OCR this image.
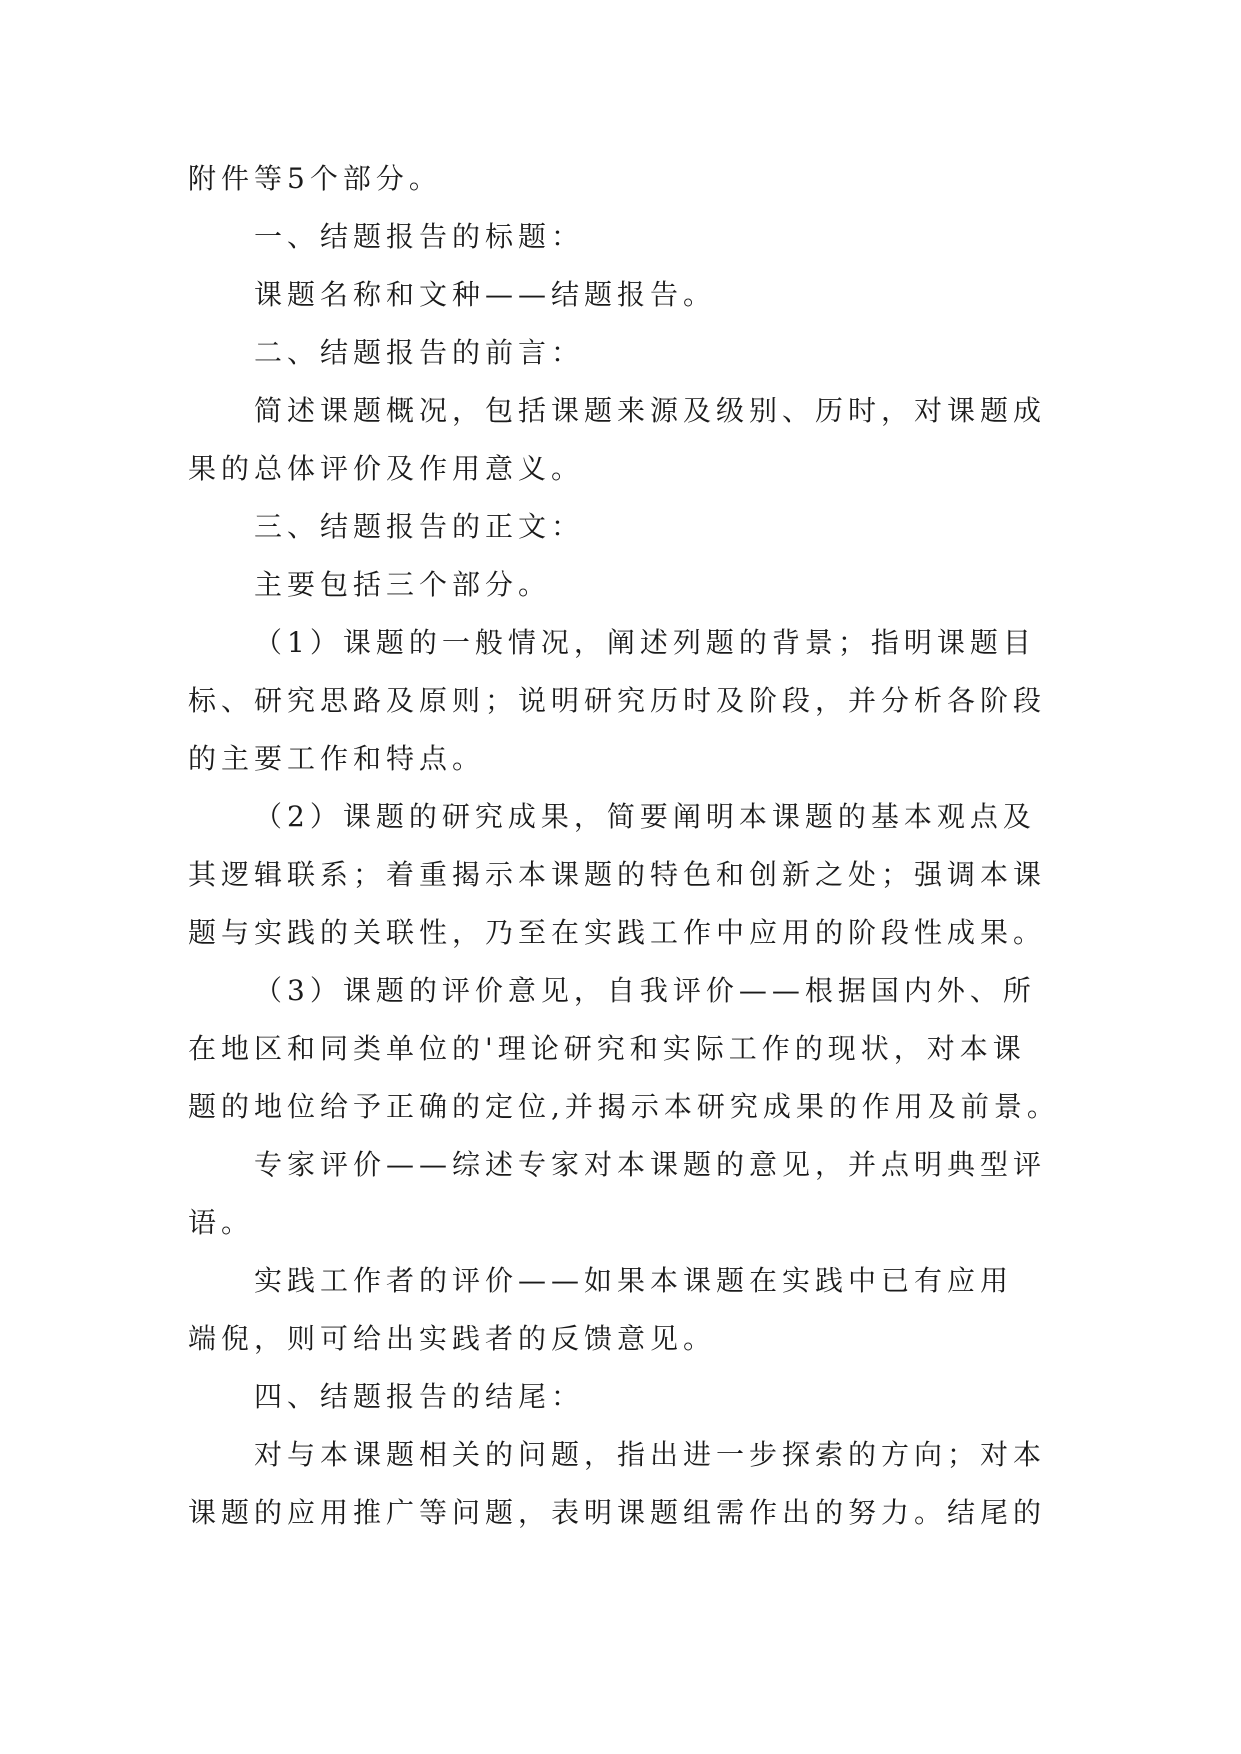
附件等5个部分。
一、结题报告的标题：
课题名称和文种——结题报告。
二、结题报告的前言：
简述课题概况，包括课题来源及级别、历时，对课题成
果的总体评价及作用意义。
三、结题报告的正文：
主要包括三个部分。
（1）课题的一般情况，阐述列题的背景；指明课题目
标、研究思路及原则；说明研究历时及阶段，并分析各阶段
的主要工作和特点。
（2）课题的研究成果，简要阐明本课题的基本观点及
其逻辑联系；着重揭示本课题的特色和创新之处；强调本课
题与实践的关联性，乃至在实践工作中应用的阶段性成果。
（3）课题的评价意见，自我评价——根据国内外、所
在地区和同类单位的'理论研究和实际工作的现状，对本课
题的地位给予正确的定位,并揭示本研究成果的作用及前景。
专家评价——综述专家对本课题的意见，并点明典型评
语。
实践工作者的评价——如果本课题在实践中已有应用
端倪，则可给出实践者的反馈意见。
四、结题报告的结尾：
对与本课题相关的问题，指出进一步探索的方向；对本
课题的应用推广等问题，表明课题组需作出的努力。结尾的
